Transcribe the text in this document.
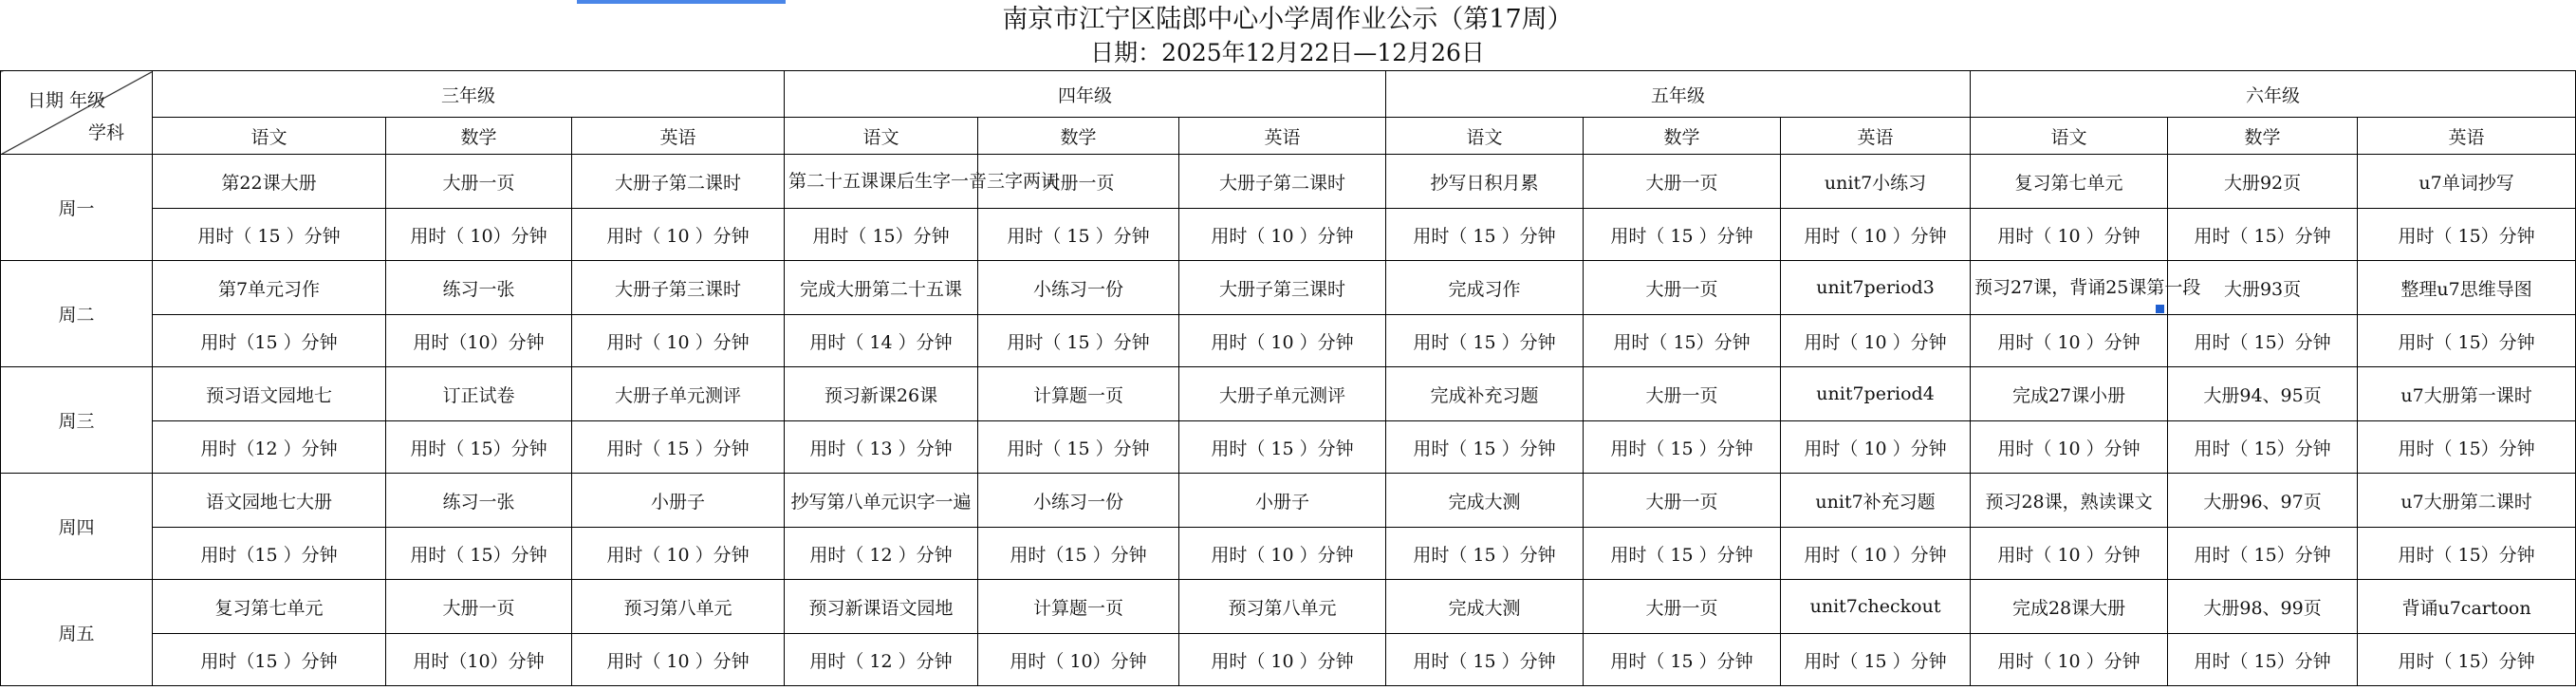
南京市江宁区陆郎中心小学周作业公示（第17周）
日期：2025年12月22日—12月26日
日期 年级
学科	三年级			四年级			五年级			六年级		
	语文	数学	英语	语文	数学	英语	语文	数学	英语	语文	数学	英语
周一	第22课大册	大册一页	大册子第二课时	第二十五课课后生字一音三字两词	大册一页	大册子第二课时	抄写日积月累	大册一页	unit7小练习	复习第七单元	大册92页	u7单词抄写
	用时（ 15 ）分钟	用时（ 10）分钟	用时（ 10 ）分钟	用时（ 15）分钟	用时（ 15 ）分钟	用时（ 10 ）分钟	用时（ 15 ）分钟	用时（ 15 ）分钟	用时（ 10 ）分钟	用时（ 10 ）分钟	用时（ 15）分钟	用时（ 15）分钟
周二	第7单元习作	练习一张	大册子第三课时	完成大册第二十五课	小练习一份	大册子第三课时	完成习作	大册一页	unit7period3	预习27课，背诵25课第一段	大册93页	整理u7思维导图
	用时（15 ）分钟	用时（10）分钟	用时（ 10 ）分钟	用时（ 14 ）分钟	用时（ 15 ）分钟	用时（ 10 ）分钟	用时（ 15 ）分钟	用时（ 15）分钟	用时（ 10 ）分钟	用时（ 10 ）分钟	用时（ 15）分钟	用时（ 15）分钟
周三	预习语文园地七	订正试卷	大册子单元测评	预习新课26课	计算题一页	大册子单元测评	完成补充习题	大册一页	unit7period4	完成27课小册	大册94、95页	u7大册第一课时
	用时（12 ）分钟	用时（ 15）分钟	用时（ 15 ）分钟	用时（ 13 ）分钟	用时（ 15 ）分钟	用时（ 15 ）分钟	用时（ 15 ）分钟	用时（ 15 ）分钟	用时（ 10 ）分钟	用时（ 10 ）分钟	用时（ 15）分钟	用时（ 15）分钟
周四	语文园地七大册	练习一张	小册子	抄写第八单元识字一遍	小练习一份	小册子	完成大测	大册一页	unit7补充习题	预习28课，熟读课文	大册96、97页	u7大册第二课时
	用时（15 ）分钟	用时（ 15）分钟	用时（ 10 ）分钟	用时（ 12 ）分钟	用时（15 ）分钟	用时（ 10 ）分钟	用时（ 15 ）分钟	用时（ 15 ）分钟	用时（ 10 ）分钟	用时（ 10 ）分钟	用时（ 15）分钟	用时（ 15）分钟
周五	复习第七单元	大册一页	预习第八单元	预习新课语文园地	计算题一页	预习第八单元	完成大测	大册一页	unit7checkout	完成28课大册	大册98、99页	背诵u7cartoon
	用时（15 ）分钟	用时（10）分钟	用时（ 10 ）分钟	用时（ 12 ）分钟	用时（ 10）分钟	用时（ 10 ）分钟	用时（ 15 ）分钟	用时（ 15 ）分钟	用时（ 15 ）分钟	用时（ 10 ）分钟	用时（ 15）分钟	用时（ 15）分钟
